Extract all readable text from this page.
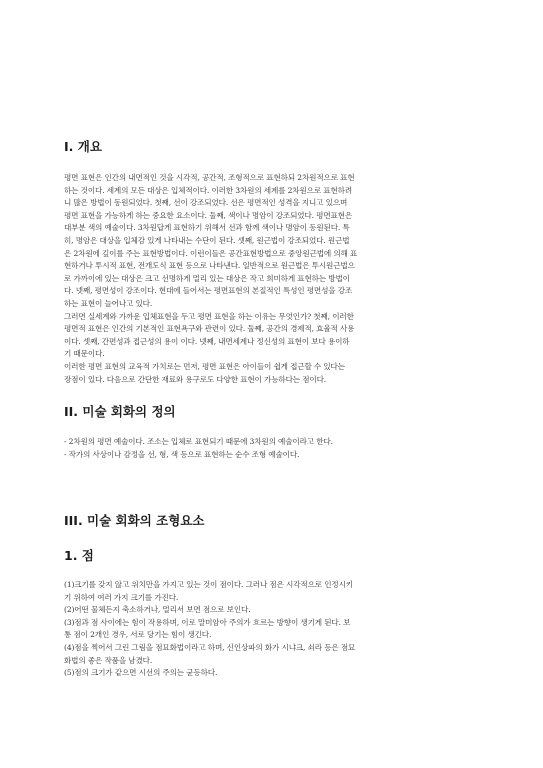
I. 개요

평면 표현은 인간의 내면적인 것을 시각적, 공간적, 조형적으로 표현하되 2차원적으로 표현
하는 것이다. 세계의 모든 대상은 입체적이다. 이러한 3차원의 세계를 2차원으로 표현하려
니 많은 방법이 동원되었다. 첫째, 선이 강조되었다. 선은 평면적인 성격을 지니고 있으며
평면 표현을 가능하게 하는 중요한 요소이다. 둘째, 색이나 명암이 강조되었다. 평면표현은
대부분 색의 예술이다. 3차원답게 표현하기 위해서 선과 함께 색이나 명암이 동원된다. 특
히, 명암은 대상을 입체감 있게 나타내는 수단이 된다. 셋째, 원근법이 강조되었다. 원근법
은 2차원에 깊이를 주는 표현방법이다. 이런이들은 공간표현방법으로 중앙원근법에 의해 표
현하거나 투시적 표현, 전개도식 표현 등으로 나타낸다. 일반적으로 원근법은 투시원근법으
로 가까이에 있는 대상은 크고 선명하게 멀리 있는 대상은 작고 희미하게 표현하는 방법이
다. 넷째, 평면성이 강조이다. 현대에 들어서는 평면표현의 본질적인 특성인 평면성을 강조
하는 표현이 늘어나고 있다.

그러면 실세계와 가까운 입체표현을 두고 평면 표현을 하는 이유는 무엇인가? 첫째, 이러한
평면적 표현은 인간의 기본적인 표현욕구와 관련이 있다. 둘째, 공간의 경제적, 효율적 사용
이다. 셋째, 간편성과 접근성의 용이 이다. 넷째, 내면세계나 정신성의 표현이 보다 용이하
기 때문이다.

이러한 평면 표현의 교육적 가치로는 먼저, 평면 표현은 아이들이 쉽게 접근할 수 있다는
장점이 있다. 다음으로 간단한 재료와 용구로도 다양한 표현이 가능하다는 점이다.

II. 미술 회화의 정의
- 2차원의 평면 예술이다. 조소는 입체로 표현되기 때문에 3차원의 예술이라고 한다.
- 작가의 사상이나 감정을 선, 형, 색 등으로 표현하는 순수 조형 예술이다.
III. 미술 회화의 조형요소
1. 점

(1)크기를 갖지 않고 위치만을 가지고 있는 것이 점이다. 그러나 점은 시각적으로 인정시키
기 위하여 여러 가지 크기를 가진다.

(2)어떤 물체든지 축소하거나, 멀리서 보면 점으로 보인다.

(3)점과 점 사이에는 힘이 작용하며, 이로 말미암아 주의가 흐르는 방향이 생기게 된다. 보
통 점이 2개인 경우, 서로 당기는 힘이 생긴다.

(4)점을 찍어서 그린 그림을 점묘화법이라고 하며, 신인상파의 화가 시냐크, 쇠라 등은 점묘
화법의 좋은 작품을 남겼다.

(5)점의 크기가 같으면 시선의 주의는 균등하다.
